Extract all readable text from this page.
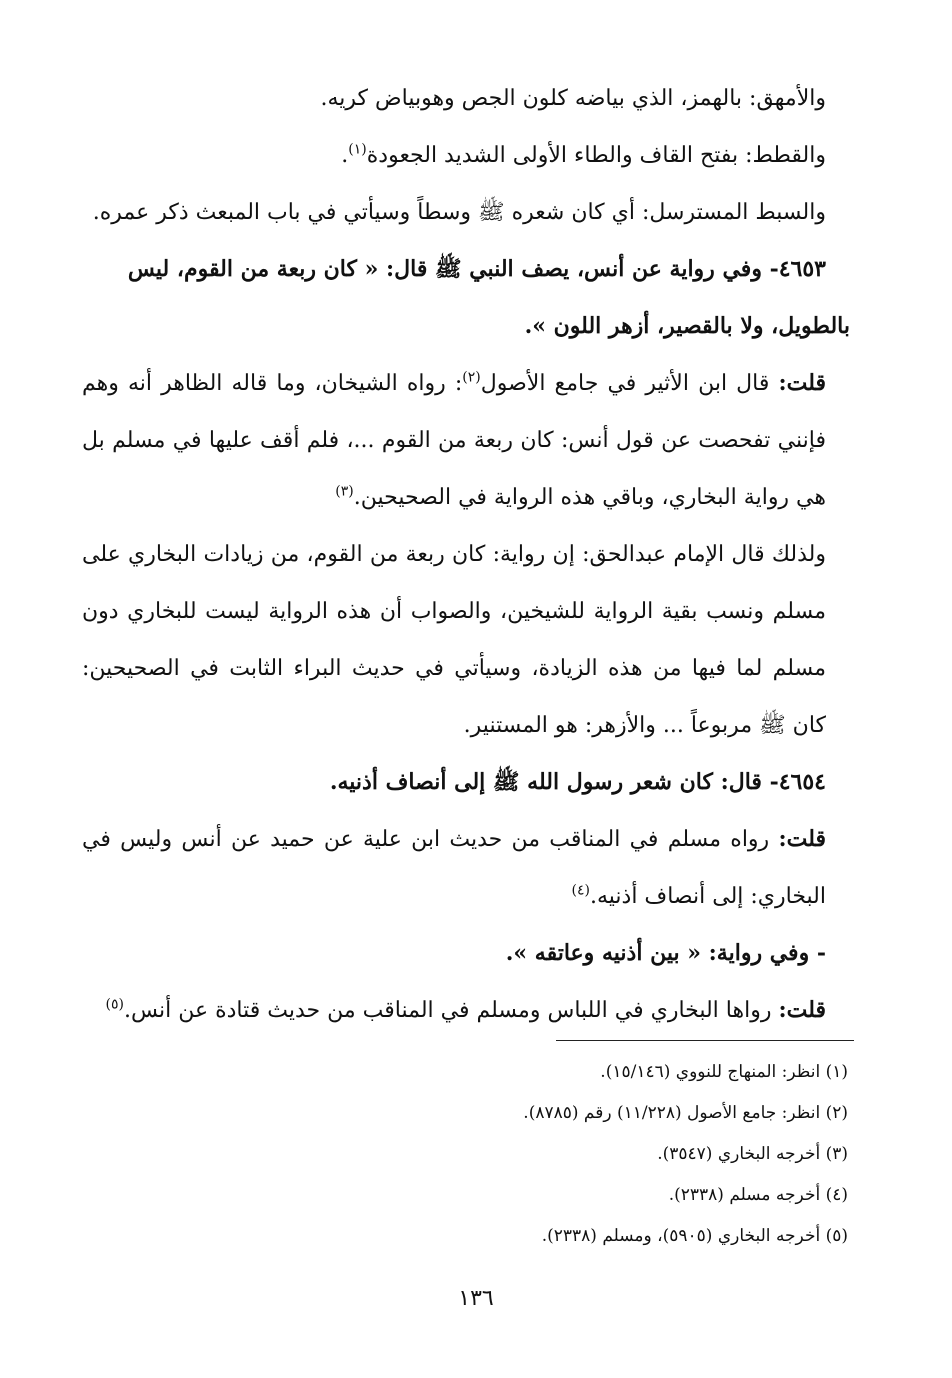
والأمهق: بالهمز، الذي بياضه كلون الجص وهوبياض كريه.

والقطط: بفتح القاف والطاء الأولى الشديد الجعودة$^{(١)}$.

والسبط المسترسل: أي كان شعره ﷺ وسطاً وسيأتي في باب المبعث ذكر عمره.

٤٦٥٣- وفي رواية عن أنس، يصف النبي ﷺ قال: « كان ربعة من القوم، ليس
بالطويل، ولا بالقصير، أزهر اللون ».

قلت: قال ابن الأثير في جامع الأصول$^{(٢)}$: رواه الشيخان، وما قاله الظاهر أنه وهم فإنني تفحصت عن قول أنس: كان ربعة من القوم ...، فلم أقف عليها في مسلم بل هي رواية البخاري، وباقي هذه الرواية في الصحيحين.$^{(٣)}$

ولذلك قال الإمام عبدالحق: إن رواية: كان ربعة من القوم، من زيادات البخاري على مسلم ونسب بقية الرواية للشيخين، والصواب أن هذه الرواية ليست للبخاري دون مسلم لما فيها من هذه الزيادة، وسيأتي في حديث البراء الثابت في الصحيحين: كان ﷺ مربوعاً ... والأزهر: هو المستنير.

٤٦٥٤- قال: كان شعر رسول الله ﷺ إلى أنصاف أذنيه.

قلت: رواه مسلم في المناقب من حديث ابن علية عن حميد عن أنس وليس في البخاري: إلى أنصاف أذنيه.$^{(٤)}$

- وفي رواية: « بين أذنيه وعاتقه ».

قلت: رواها البخاري في اللباس ومسلم في المناقب من حديث قتادة عن أنس.$^{(٥)}$

(١) انظر: المنهاج للنووي (١٥/١٤٦).

(٢) انظر: جامع الأصول (١١/٢٢٨) رقم (٨٧٨٥).

(٣) أخرجه البخاري (٣٥٤٧).

(٤) أخرجه مسلم (٢٣٣٨).

(٥) أخرجه البخاري (٥٩٠٥)، ومسلم (٢٣٣٨).

١٣٦
